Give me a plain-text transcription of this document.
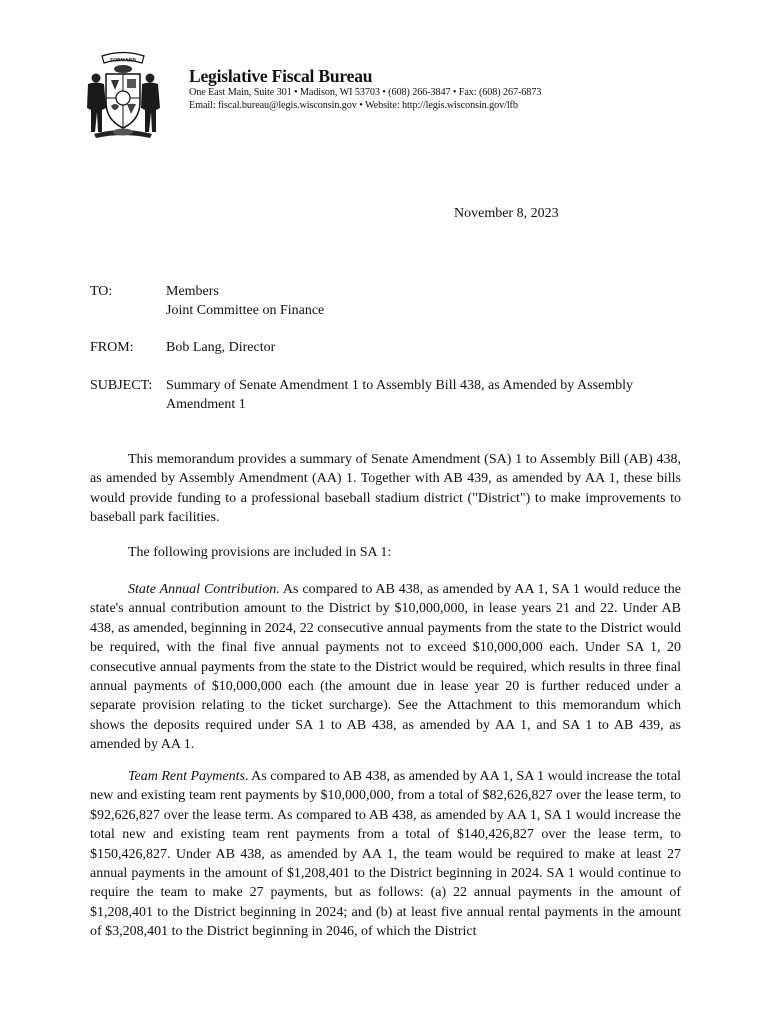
FORWARD
Legislative Fiscal Bureau
One East Main, Suite 301 • Madison, WI 53703 • (608) 266-3847 • Fax: (608) 267-6873
Email: fiscal.bureau@legis.wisconsin.gov • Website: http://legis.wisconsin.gov/lfb
November 8, 2023
TO:	Members
Joint Committee on Finance
FROM: Bob Lang, Director
SUBJECT: Summary of Senate Amendment 1 to Assembly Bill 438, as Amended by Assembly Amendment 1

This memorandum provides a summary of Senate Amendment (SA) 1 to Assembly Bill (AB) 438, as amended by Assembly Amendment (AA) 1. Together with AB 439, as amended by AA 1, these bills would provide funding to a professional baseball stadium district ("District") to make improvements to baseball park facilities.

The following provisions are included in SA 1:

State Annual Contribution. As compared to AB 438, as amended by AA 1, SA 1 would reduce the state's annual contribution amount to the District by $10,000,000, in lease years 21 and 22. Under AB 438, as amended, beginning in 2024, 22 consecutive annual payments from the state to the District would be required, with the final five annual payments not to exceed $10,000,000 each. Under SA 1, 20 consecutive annual payments from the state to the District would be required, which results in three final annual payments of $10,000,000 each (the amount due in lease year 20 is further reduced under a separate provision relating to the ticket surcharge). See the Attachment to this memorandum which shows the deposits required under SA 1 to AB 438, as amended by AA 1, and SA 1 to AB 439, as amended by AA 1.

Team Rent Payments. As compared to AB 438, as amended by AA 1, SA 1 would increase the total new and existing team rent payments by $10,000,000, from a total of $82,626,827 over the lease term, to $92,626,827 over the lease term. As compared to AB 438, as amended by AA 1, SA 1 would increase the total new and existing team rent payments from a total of $140,426,827 over the lease term, to $150,426,827. Under AB 438, as amended by AA 1, the team would be required to make at least 27 annual payments in the amount of $1,208,401 to the District beginning in 2024. SA 1 would continue to require the team to make 27 payments, but as follows: (a) 22 annual payments in the amount of $1,208,401 to the District beginning in 2024; and (b) at least five annual rental payments in the amount of $3,208,401 to the District beginning in 2046, of which the District
